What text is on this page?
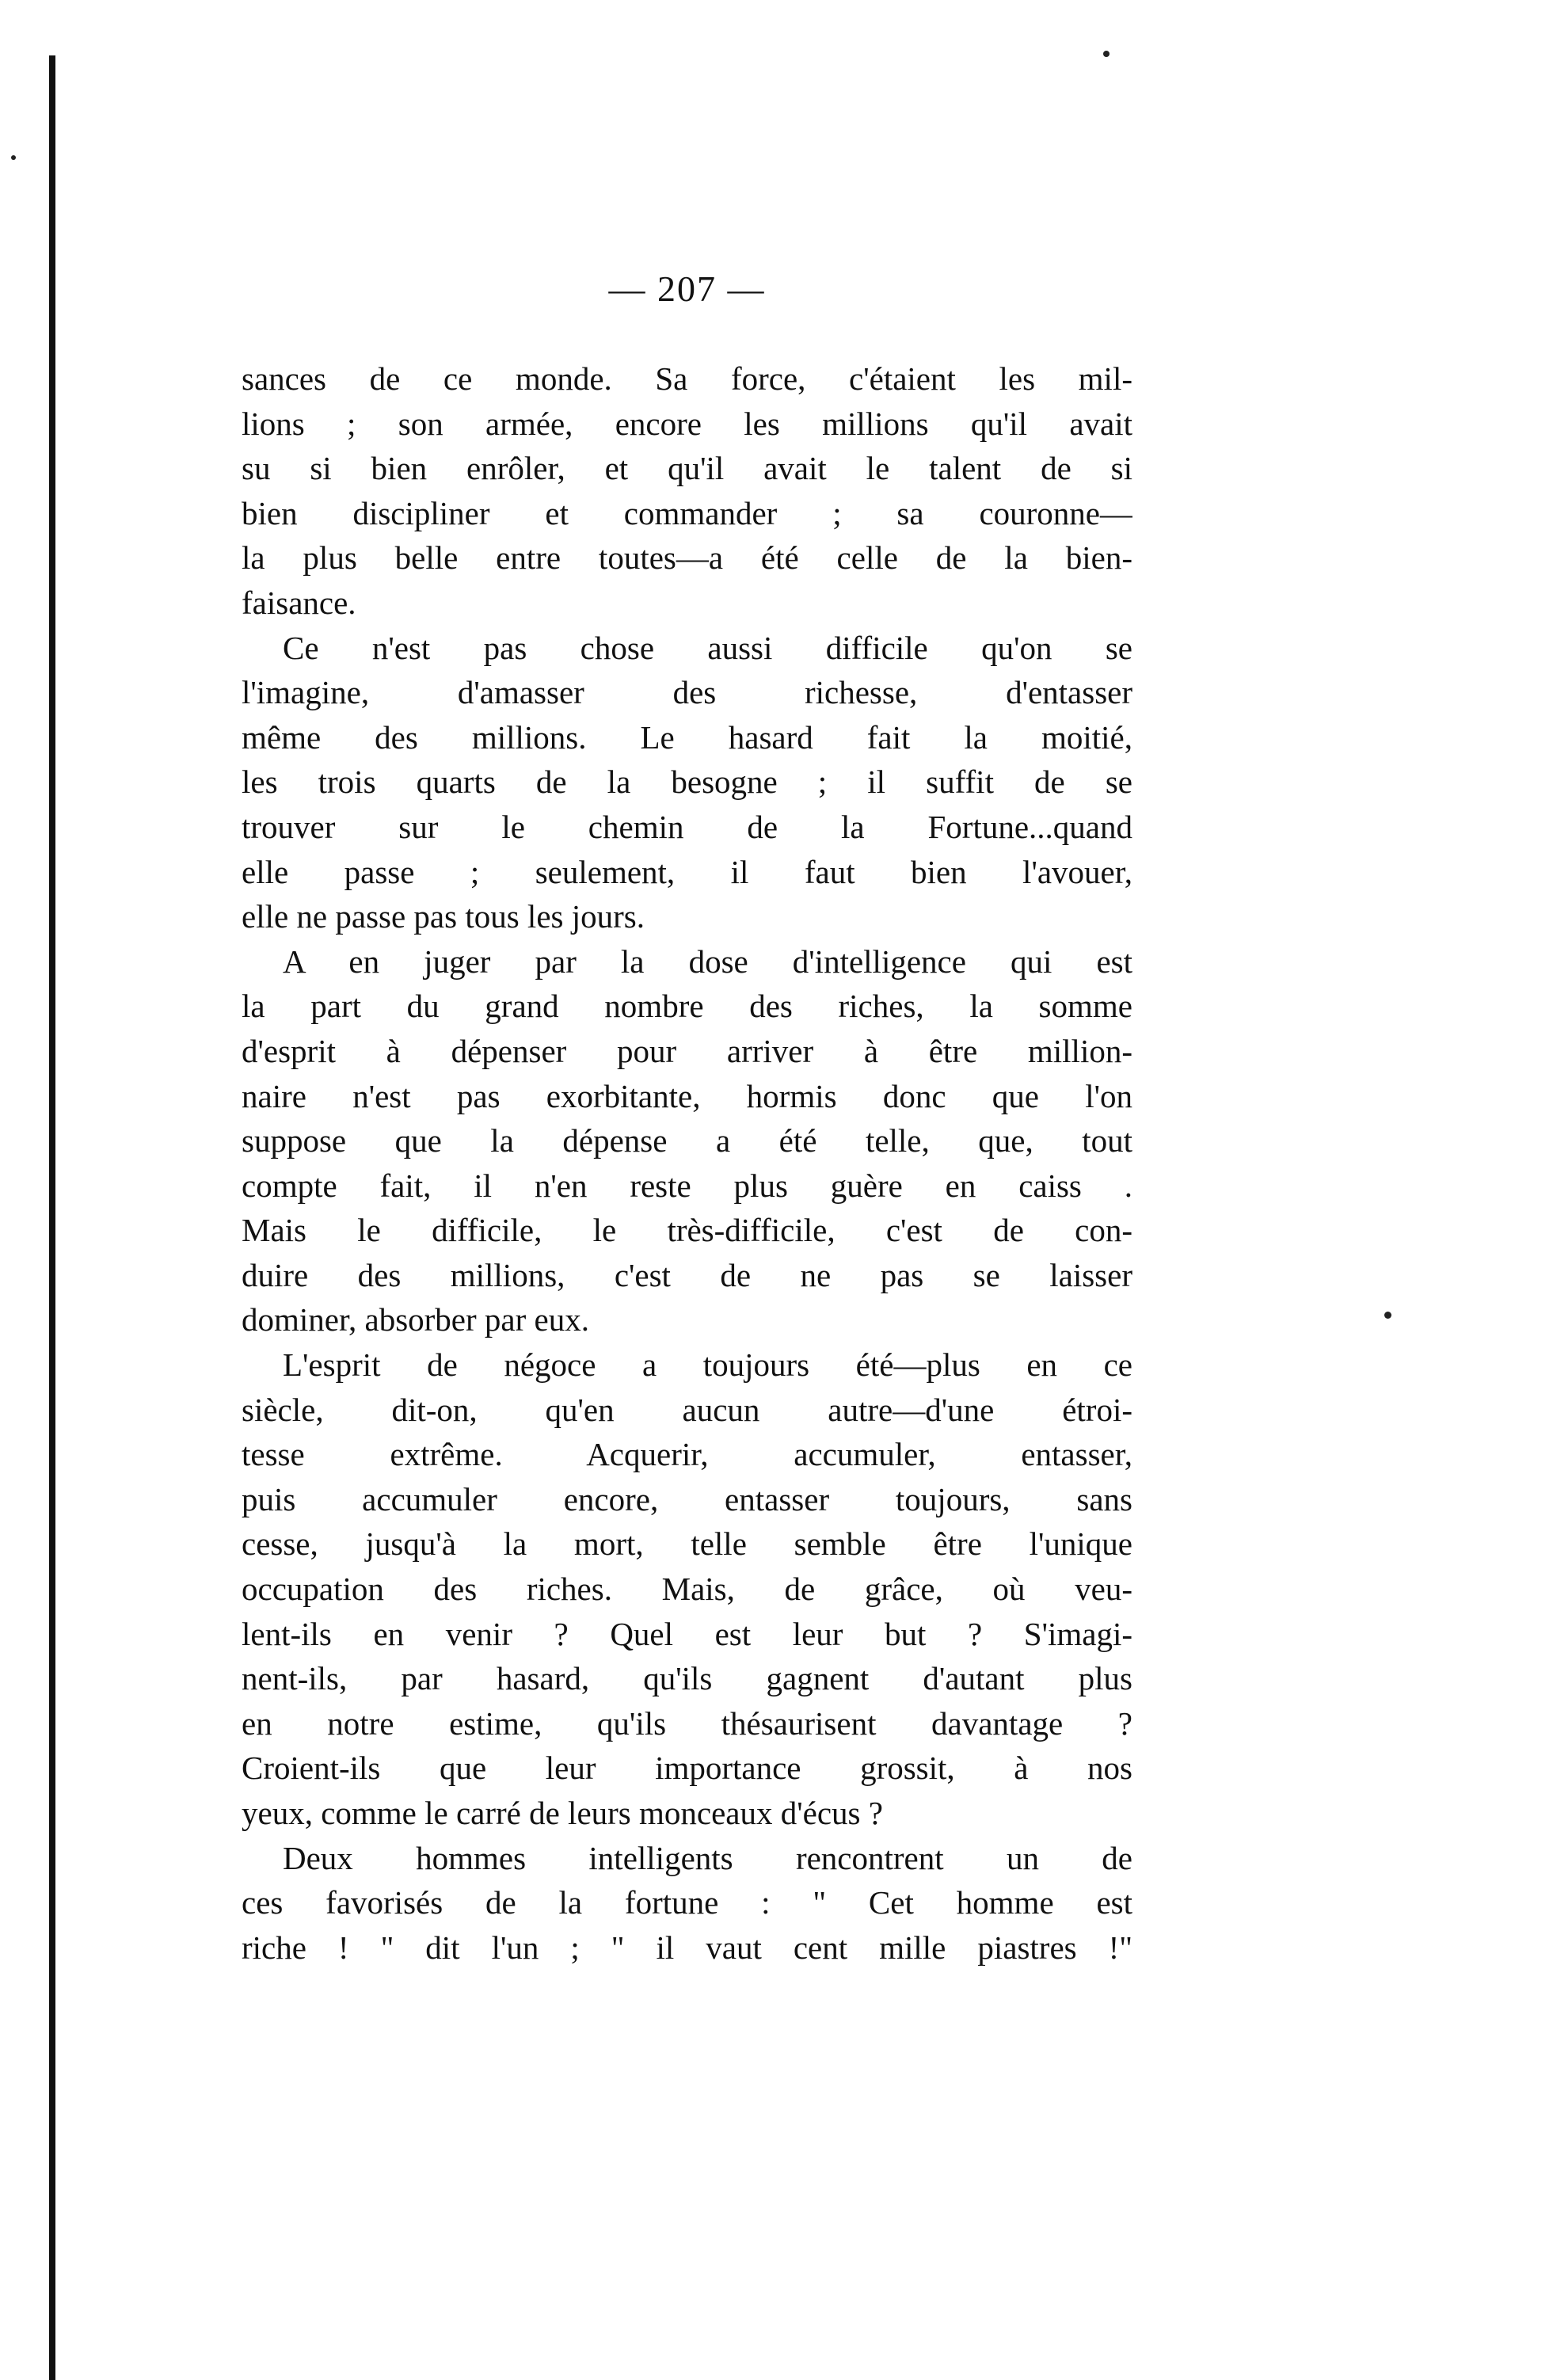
— 207 —
sances de ce monde. Sa force, c'étaient les mil-
lions ; son armée, encore les millions qu'il avait
su si bien enrôler, et qu'il avait le talent de si
bien discipliner et commander ; sa couronne—
la plus belle entre toutes—a été celle de la bien-
faisance.
Ce n'est pas chose aussi difficile qu'on se
l'imagine, d'amasser des richesse, d'entasser
même des millions. Le hasard fait la moitié,
les trois quarts de la besogne ; il suffit de se
trouver sur le chemin de la Fortune...quand
elle passe ; seulement, il faut bien l'avouer,
elle ne passe pas tous les jours.
A en juger par la dose d'intelligence qui est
la part du grand nombre des riches, la somme
d'esprit à dépenser pour arriver à être million-
naire n'est pas exorbitante, hormis donc que l'on
suppose que la dépense a été telle, que, tout
compte fait, il n'en reste plus guère en caiss .
Mais le difficile, le très-difficile, c'est de con-
duire des millions, c'est de ne pas se laisser
dominer, absorber par eux.
L'esprit de négoce a toujours été—plus en ce
siècle, dit-on, qu'en aucun autre—d'une étroi-
tesse extrême. Acquerir, accumuler, entasser,
puis accumuler encore, entasser toujours, sans
cesse, jusqu'à la mort, telle semble être l'unique
occupation des riches. Mais, de grâce, où veu-
lent-ils en venir ? Quel est leur but ? S'imagi-
nent-ils, par hasard, qu'ils gagnent d'autant plus
en notre estime, qu'ils thésaurisent davantage ?
Croient-ils que leur importance grossit, à nos
yeux, comme le carré de leurs monceaux d'écus ?
Deux hommes intelligents rencontrent un de
ces favorisés de la fortune : " Cet homme est
riche ! " dit l'un ; " il vaut cent mille piastres !"
